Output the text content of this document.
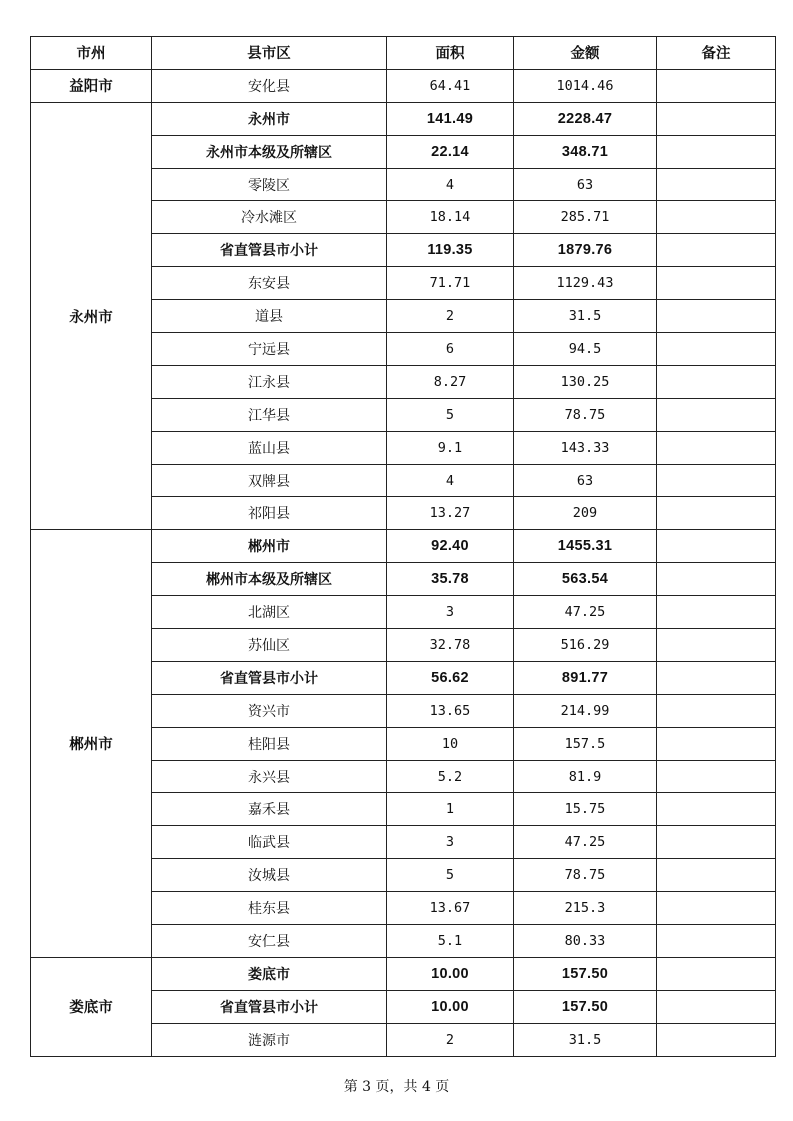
市州	县市区	面积	金额	备注
益阳市	安化县	64.41	1014.46	
永州市	永州市	141.49	2228.47	
	永州市本级及所辖区	22.14	348.71	
	零陵区	4	63	
	冷水滩区	18.14	285.71	
	省直管县市小计	119.35	1879.76	
	东安县	71.71	1129.43	
	道县	2	31.5	
	宁远县	6	94.5	
	江永县	8.27	130.25	
	江华县	5	78.75	
	蓝山县	9.1	143.33	
	双牌县	4	63	
	祁阳县	13.27	209	
郴州市	郴州市	92.40	1455.31	
	郴州市本级及所辖区	35.78	563.54	
	北湖区	3	47.25	
	苏仙区	32.78	516.29	
	省直管县市小计	56.62	891.77	
	资兴市	13.65	214.99	
	桂阳县	10	157.5	
	永兴县	5.2	81.9	
	嘉禾县	1	15.75	
	临武县	3	47.25	
	汝城县	5	78.75	
	桂东县	13.67	215.3	
	安仁县	5.1	80.33	
娄底市	娄底市	10.00	157.50	
	省直管县市小计	10.00	157.50	
	涟源市	2	31.5	
第 3 页，共 4 页
